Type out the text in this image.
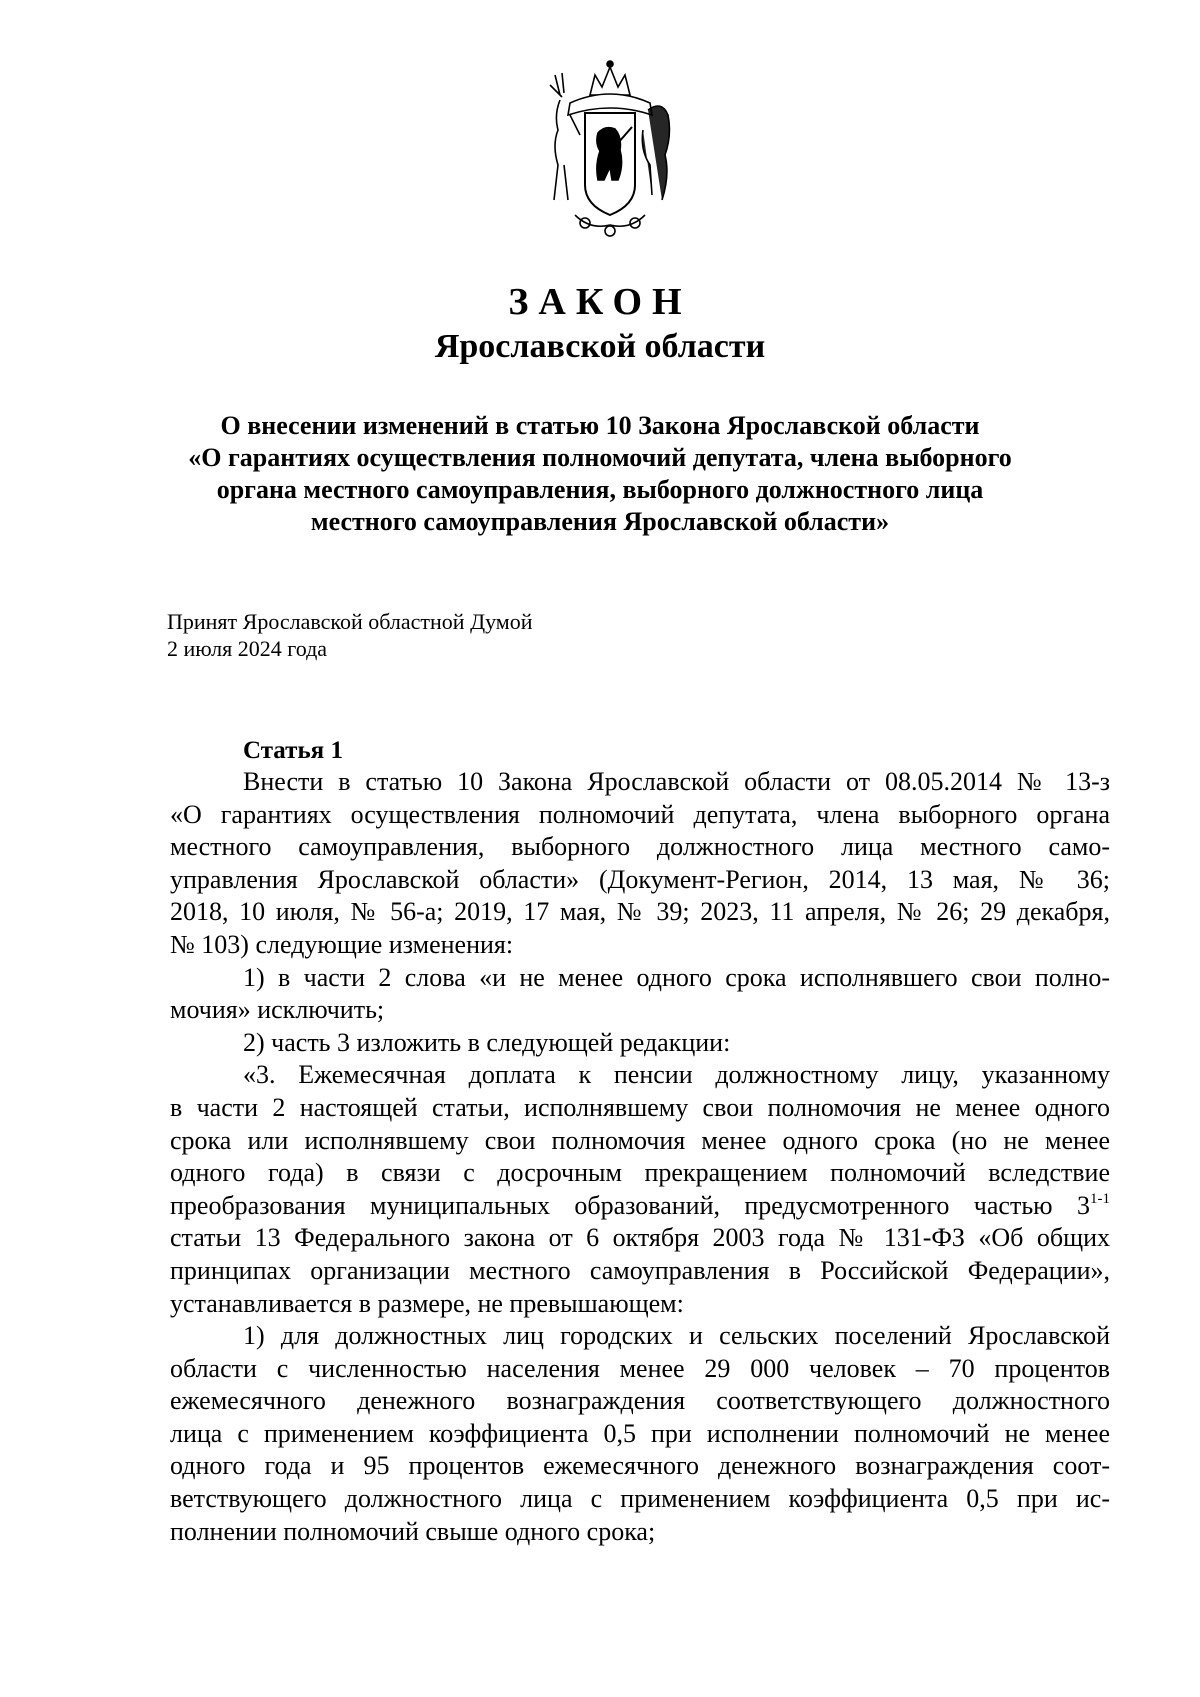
ЗАКОН
Ярославской области
О внесении изменений в статью 10 Закона Ярославской области
«О гарантиях осуществления полномочий депутата, члена выборного
органа местного самоуправления, выборного должностного лица
местного самоуправления Ярославской области»
Принят Ярославской областной Думой
2 июля 2024 года
Статья 1
Внести в статью 10 Закона Ярославской области от 08.05.2014 № 13-з
«О гарантиях осуществления полномочий депутата, члена выборного органа
местного самоуправления, выборного должностного лица местного само-
управления Ярославской области» (Документ-Регион, 2014, 13 мая, № 36;
2018, 10 июля, № 56-а; 2019, 17 мая, № 39; 2023, 11 апреля, № 26; 29 декабря,
№ 103) следующие изменения:
1) в части 2 слова «и не менее одного срока исполнявшего свои полно-
мочия» исключить;
2) часть 3 изложить в следующей редакции:
«3. Ежемесячная доплата к пенсии должностному лицу, указанному
в части 2 настоящей статьи, исполнявшему свои полномочия не менее одного
срока или исполнявшему свои полномочия менее одного срока (но не менее
одного года) в связи с досрочным прекращением полномочий вследствие
преобразования муниципальных образований, предусмотренного частью 3$^{1-1}$
статьи 13 Федерального закона от 6 октября 2003 года № 131-ФЗ «Об общих
принципах организации местного самоуправления в Российской Федерации»,
устанавливается в размере, не превышающем:
1) для должностных лиц городских и сельских поселений Ярославской
области с численностью населения менее 29 000 человек – 70 процентов
ежемесячного денежного вознаграждения соответствующего должностного
лица с применением коэффициента 0,5 при исполнении полномочий не менее
одного года и 95 процентов ежемесячного денежного вознаграждения соот-
ветствующего должностного лица с применением коэффициента 0,5 при ис-
полнении полномочий свыше одного срока;
